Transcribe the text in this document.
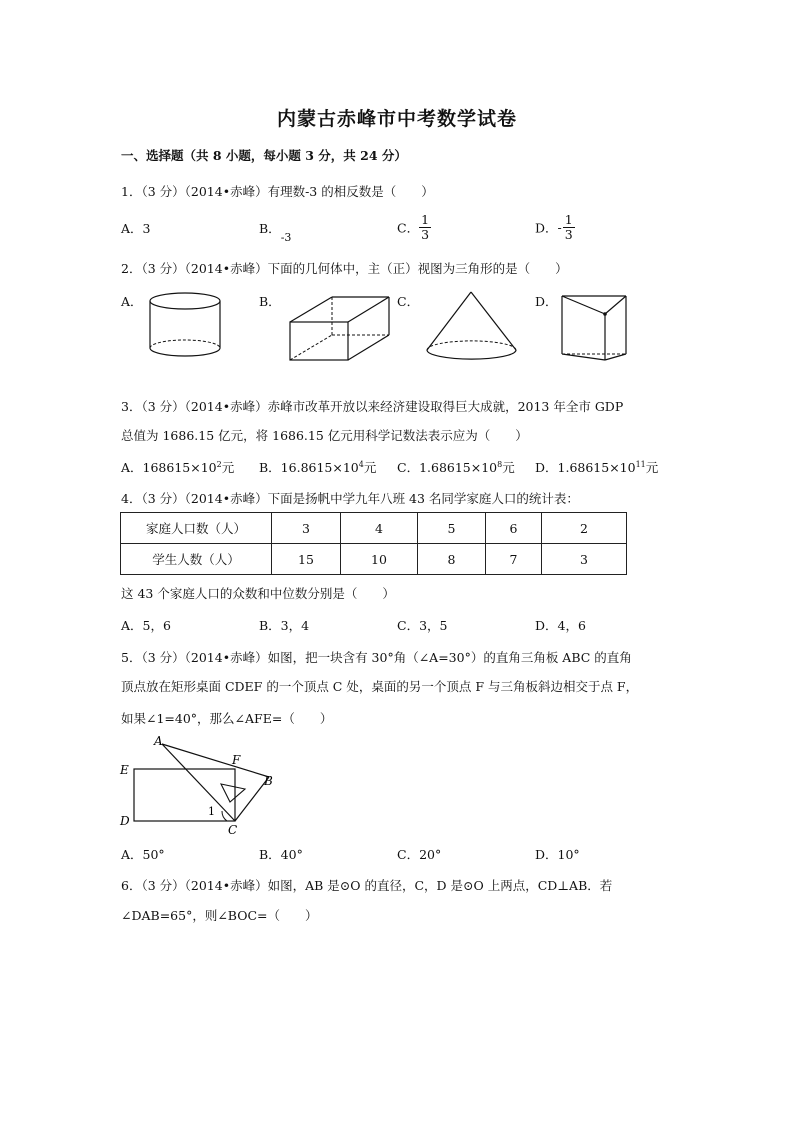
内蒙古赤峰市中考数学试卷
一、选择题（共 8 小题，每小题 3 分，共 24 分）
1．（3 分）（2014•赤峰）有理数-3 的相反数是（　　）
A．3	B．-3
C． $\frac{1}{3}$	D．- $\frac{1}{3}$
2．（3 分）（2014•赤峰）下面的几何体中，主（正）视图为三角形的是（　　）
A．	B．	C．	D．
3．（3 分）（2014•赤峰）赤峰市改革开放以来经济建设取得巨大成就，2013 年全市 GDP
总值为 1686.15 亿元，将 1686.15 亿元用科学记数法表示应为（　　）
A．$168615\times 10^2$元 B．$16.8615\times 10^4$元 C．$1.68615\times 10^8$元 D．$1.68615\times 10^{11}$元
4．（3 分）（2014•赤峰）下面是扬帆中学九年八班 43 名同学家庭人口的统计表：
家庭人口数（人）	3	4	5	6	2
学生人数（人）	15	10	8	7	3
这 43 个家庭人口的众数和中位数分别是（　　）
A．5，6	B．3，4	C．3，5	D．4，6
5．（3 分）（2014•赤峰）如图，把一块含有 30°角（∠A=30°）的直角三角板 ABC 的直角
顶点放在矩形桌面 CDEF 的一个顶点 C 处，桌面的另一个顶点 F 与三角板斜边相交于点 F，
如果∠1=40°，那么∠AFE=（　　）
A
E
D
F
B
C
1
A．50°	B．40°	C．20°	D．10°
6．（3 分）（2014•赤峰）如图，AB 是⊙O 的直径，C，D 是⊙O 上两点，CD⊥AB．若
∠DAB=65°，则∠BOC=（　　）
